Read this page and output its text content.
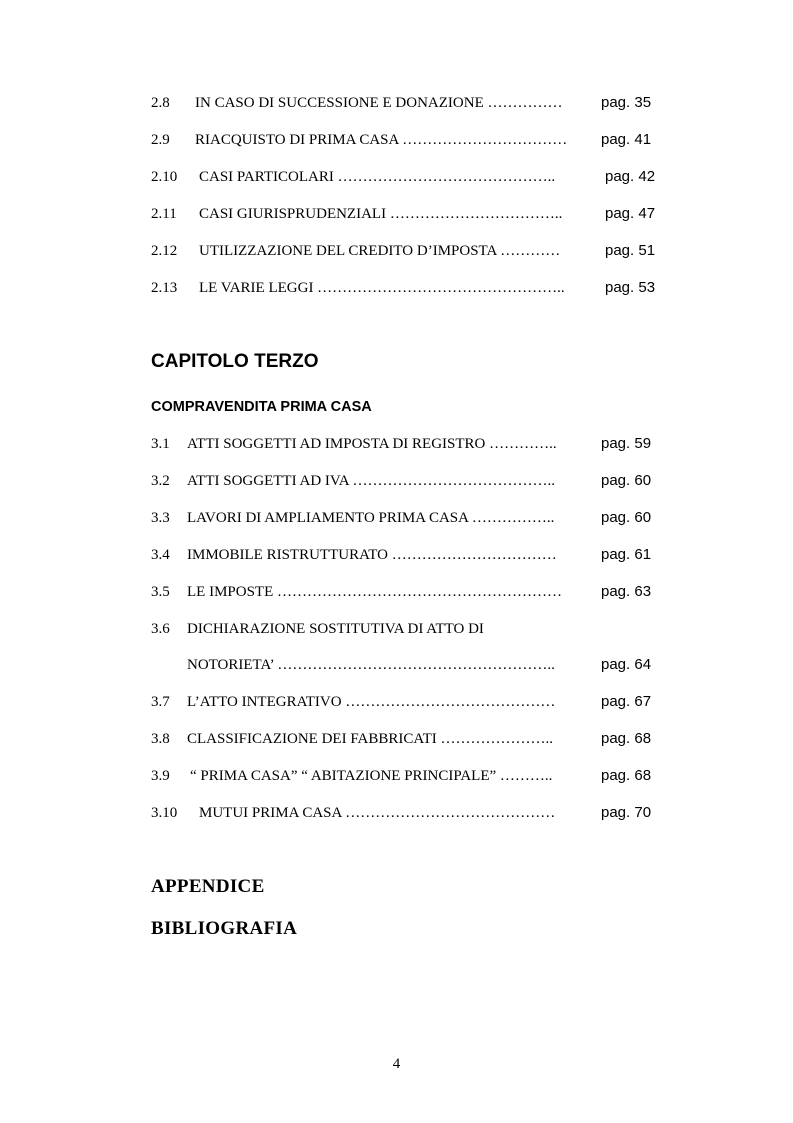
2.8 IN CASO DI SUCCESSIONE E DONAZIONE ……………	pag. 35
2.9 RIACQUISTO DI PRIMA CASA …………………………… pag. 41
2.10 CASI PARTICOLARI ……………………………………..	pag. 42
2.11 CASI GIURISPRUDENZIALI ……………………………..	pag. 47
2.12 UTILIZZAZIONE DEL CREDITO D’IMPOSTA …………	pag. 51
2.13 LE VARIE LEGGI …………………………………………..	pag. 53
CAPITOLO TERZO
COMPRAVENDITA PRIMA CASA
3.1 ATTI SOGGETTI AD IMPOSTA DI REGISTRO …………..	pag. 59
3.2 ATTI SOGGETTI AD IVA …………………………………..	pag. 60
3.3 LAVORI DI AMPLIAMENTO PRIMA CASA ……………..	pag. 60
3.4 IMMOBILE RISTRUTTURATO ……………………………	pag. 61
3.5 LE IMPOSTE …………………………………………………	pag. 63
3.6 DICHIARAZIONE SOSTITUTIVA DI ATTO DI
NOTORIETA’ ………………………………………………..	pag. 64
3.7 L’ATTO INTEGRATIVO ……………………………………	pag. 67
3.8 CLASSIFICAZIONE DEI FABBRICATI …………………..	pag. 68
3.9 “ PRIMA CASA” “ ABITAZIONE PRINCIPALE” ………..	pag. 68
3.10 MUTUI PRIMA CASA ……………………………………	pag. 70
APPENDICE
BIBLIOGRAFIA
4
